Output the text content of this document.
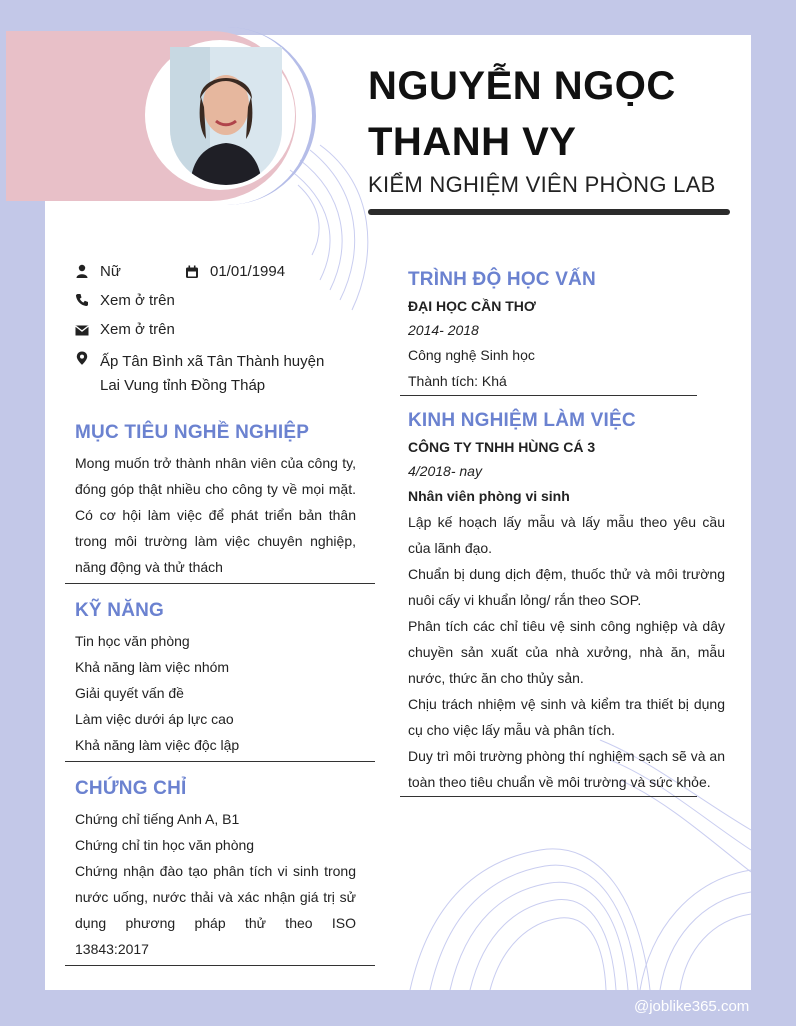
NGUYỄN NGỌC
THANH VY
KIỂM NGHIỆM VIÊN PHÒNG LAB
Nữ	01/01/1994
Xem ở trên
Xem ở trên
Ấp Tân Bình xã Tân Thành huyện
Lai Vung tỉnh Đồng Tháp
MỤC TIÊU NGHỀ NGHIỆP
Mong muốn trở thành nhân viên của công ty, đóng góp thật nhiều cho công ty về mọi mặt. Có cơ hội làm việc để phát triển bản thân trong môi trường làm việc chuyên nghiệp, năng động và thử thách
KỸ NĂNG
Tin học văn phòng
Khả năng làm việc nhóm
Giải quyết vấn đề
Làm việc dưới áp lực cao
Khả năng làm việc độc lập
CHỨNG CHỈ
Chứng chỉ tiếng Anh A, B1
Chứng chỉ tin học văn phòng
Chứng nhận đào tạo phân tích vi sinh trong nước uống, nước thải và xác nhận giá trị sử dụng phương pháp thử theo ISO 13843:2017
TRÌNH ĐỘ HỌC VẤN
ĐẠI HỌC CẦN THƠ
2014- 2018
Công nghệ Sinh học
Thành tích: Khá
KINH NGHIỆM LÀM VIỆC
CÔNG TY TNHH HÙNG CÁ 3
4/2018- nay
Nhân viên phòng vi sinh
Lập kế hoạch lấy mẫu và lấy mẫu theo yêu cầu của lãnh đạo.
Chuẩn bị dung dịch đệm, thuốc thử và môi trường nuôi cấy vi khuẩn lỏng/ rắn theo SOP.
Phân tích các chỉ tiêu vệ sinh công nghiệp và dây chuyền sản xuất của nhà xưởng, nhà ăn, mẫu nước, thức ăn cho thủy sản.
Chịu trách nhiệm vệ sinh và kiểm tra thiết bị dụng cụ cho việc lấy mẫu và phân tích.
Duy trì môi trường phòng thí nghiệm sạch sẽ và an toàn theo tiêu chuẩn về môi trường và sức khỏe.
@joblike365.com
